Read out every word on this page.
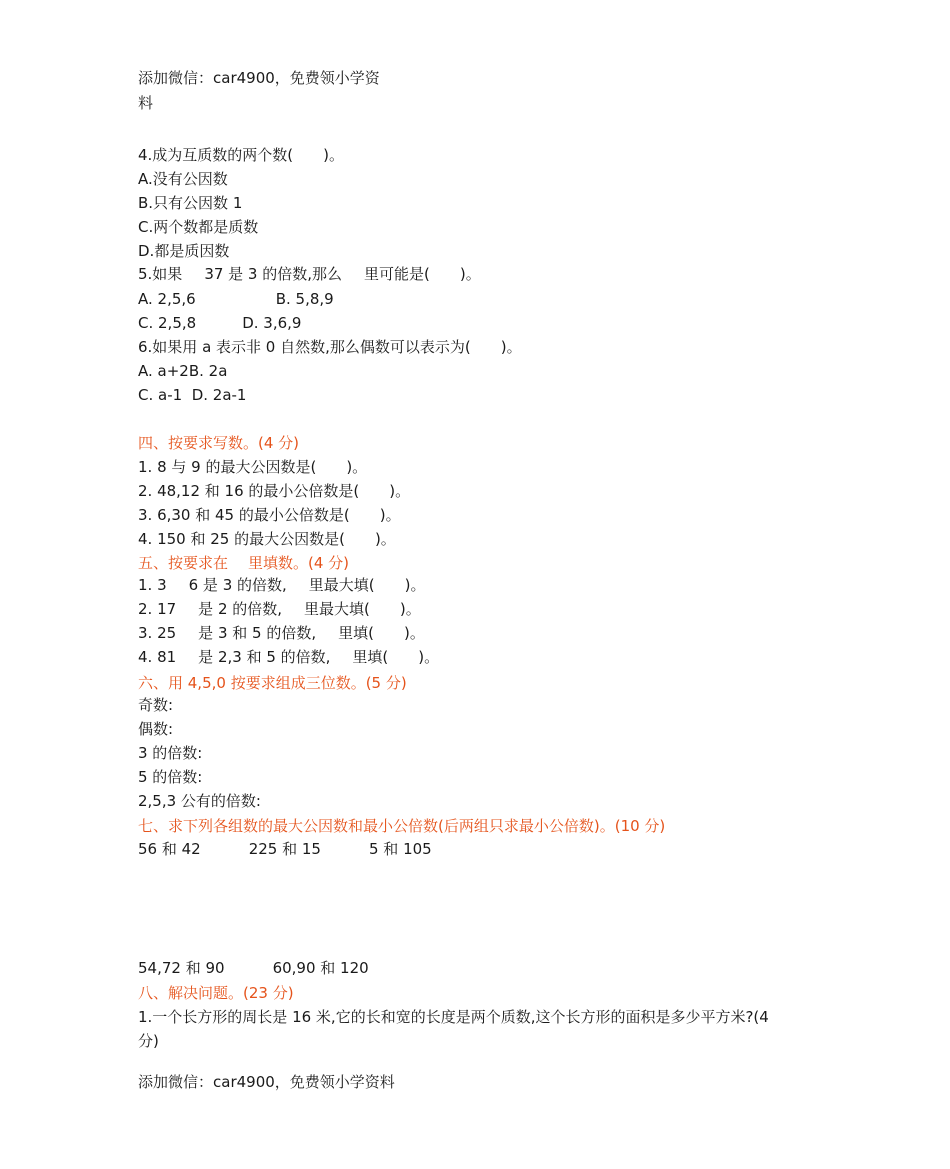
添加微信：car4900，免费领小学资
料
4.成为互质数的两个数(　　)。
A.没有公因数
B.只有公因数 1
C.两个数都是质数
D.都是质因数
5.如果 37 是 3 的倍数,那么 里可能是(　　)。
A. 2,5,6	B. 5,8,9
C. 2,5,8	D. 3,6,9
6.如果用 a 表示非 0 自然数,那么偶数可以表示为(　　)。
A. a+2B. 2a
C. a-1  D. 2a-1
四、按要求写数。(4 分)
1. 8 与 9 的最大公因数是(　　)。
2. 48,12 和 16 的最小公倍数是(　　)。
3. 6,30 和 45 的最小公倍数是(　　)。
4. 150 和 25 的最大公因数是(　　)。
五、按要求在 里填数。(4 分)
1. 3 6 是 3 的倍数, 里最大填(　　)。
2. 17 是 2 的倍数, 里最大填(　　)。
3. 25 是 3 和 5 的倍数, 里填(　　)。
4. 81 是 2,3 和 5 的倍数, 里填(　　)。
六、用 4,5,0 按要求组成三位数。(5 分)
奇数:
偶数:
3 的倍数:
5 的倍数:
2,5,3 公有的倍数:
七、求下列各组数的最大公因数和最小公倍数(后两组只求最小公倍数)。(10 分)
56 和 42	225 和 15	5 和 105
54,72 和 90	60,90 和 120
八、解决问题。(23 分)
1.一个长方形的周长是 16 米,它的长和宽的长度是两个质数,这个长方形的面积是多少平方米?(4
分)
添加微信：car4900，免费领小学资料
